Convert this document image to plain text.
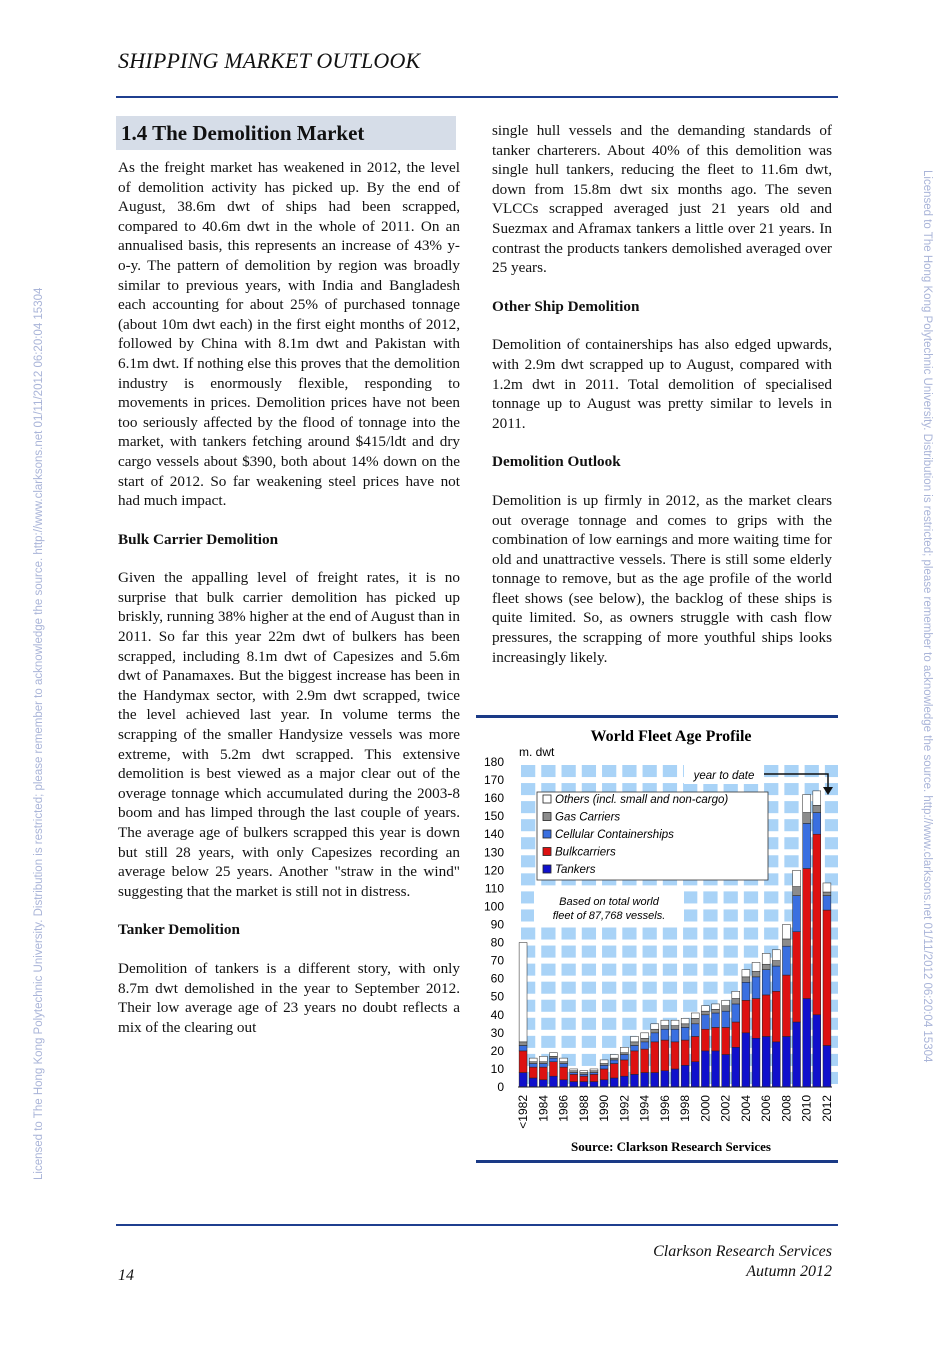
SHIPPING MARKET OUTLOOK
Licensed to The Hong Kong Polytechnic University. Distribution is restricted; please remember to acknowledge the source. http://www.clarksons.net 01/11/2012 06:20:04 15304	Licensed to The Hong Kong Polytechnic University. Distribution is restricted; please remember to acknowledge the source. http://www.clarksons.net 01/11/2012 06:20:04 15304
1.4 The Demolition Market

As the freight market has weakened in 2012, the level of demolition activity has picked up. By the end of August, 38.6m dwt of ships had been scrapped, compared to 40.6m dwt in the whole of 2011. On an annualised basis, this represents an increase of 43% y-o-y. The pattern of demolition by region was broadly similar to previous years, with India and Bangladesh each accounting for about 25% of purchased tonnage (about 10m dwt each) in the first eight months of 2012, followed by China with 8.1m dwt and Pakistan with 6.1m dwt. If nothing else this proves that the demolition industry is enormously flexible, responding to movements in prices. Demolition prices have not been too seriously affected by the flood of tonnage into the market, with tankers fetching around $415/ldt and dry cargo vessels about $390, both about 14% down on the start of 2012. So far weakening steel prices have not had much impact.

Bulk Carrier Demolition

Given the appalling level of freight rates, it is no surprise that bulk carrier demolition has picked up briskly, running 38% higher at the end of August than in 2011. So far this year 22m dwt of bulkers has been scrapped, including 8.1m dwt of Capesizes and 5.6m dwt of Panamaxes. But the biggest increase has been in the Handymax sector, with 2.9m dwt scrapped, twice the level achieved last year. In volume terms the scrapping of the smaller Handysize vessels was more extreme, with 5.2m dwt scrapped. This extensive demolition is best viewed as a major clear out of the overage tonnage which accumulated during the 2003-8 boom and has limped through the last couple of years. The average age of bulkers scrapped this year is down but still 28 years, with only Capesizes recording an average below 25 years. Another "straw in the wind" suggesting that the market is still not in distress.

Tanker Demolition

Demolition of tankers is a different story, with only 8.7m dwt demolished in the year to September 2012. Their low average age of 23 years no doubt reflects a mix of the clearing out

single hull vessels and the demanding standards of tanker charterers. About 40% of this demolition was single hull tankers, reducing the fleet to 11.6m dwt, down from 15.8m dwt six months ago. The seven VLCCs scrapped averaged just 21 years old and Suezmax and Aframax tankers a little over 21 years. In contrast the products tankers demolished averaged over 25 years.

Other Ship Demolition

Demolition of containerships has also edged upwards, with 2.9m dwt scrapped up to August, compared with 1.2m dwt in 2011. Total demolition of specialised tonnage up to August was pretty similar to levels in 2011.

Demolition Outlook

Demolition is up firmly in 2012, as the market clears out overage tonnage and comes to grips with the combination of low earnings and more waiting time for old and unattractive vessels. There is still some elderly tonnage to remove, but as the age profile of the world fleet shows (see below), the backlog of these ships is quite limited. So, as owners struggle with cash flow pressures, the scrapping of more youthful ships looks increasingly likely.

World Fleet Age Profile
m. dwt
0
10
20
30
40
50
60
70
80
90
100
110
120
130
140
150
160
170
180
<1982 1984 1986 1988 1990 1992 1994 1996 1998 2000 2002 2004 2006 2008 2010 2012
Others (incl. small and non-cargo)
Gas Carriers
Cellular Containerships
Bulkcarriers
Tankers
year to date
Based on total world
fleet of 87,768 vessels.
Source: Clarkson Research Services
Clarkson Research Services
Autumn 2012
14
